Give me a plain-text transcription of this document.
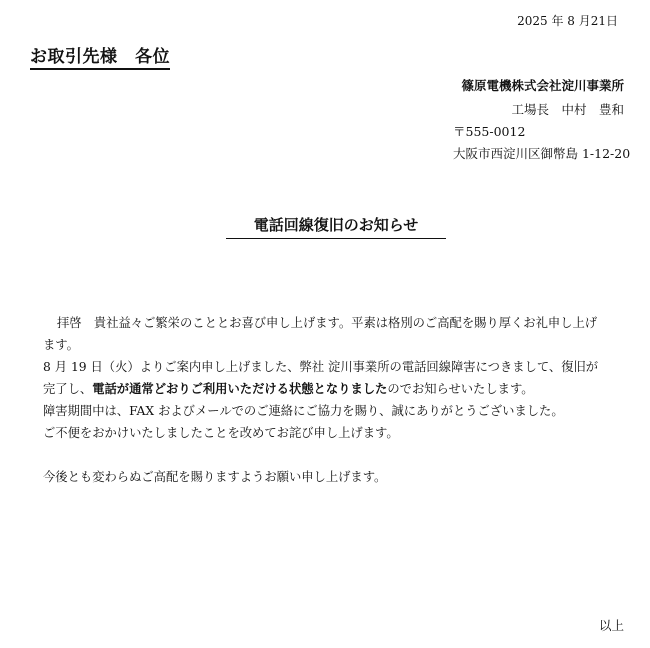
2025 年 8 月21日
お取引先様　各位
篠原電機株式会社淀川事業所
工場長　中村　豊和
〒555-0012
大阪市西淀川区御幣島 1-12-20
電話回線復旧のお知らせ

拝啓　貴社益々ご繁栄のこととお喜び申し上げます。平素は格別のご高配を賜り厚くお礼申し上げ

ます。

8 月 19 日（火）よりご案内申し上げました、弊社 淀川事業所の電話回線障害につきまして、復旧が

完了し、電話が通常どおりご利用いただける状態となりましたのでお知らせいたします。

障害期間中は、FAX およびメールでのご連絡にご協力を賜り、誠にありがとうございました。

ご不便をおかけいたしましたことを改めてお詫び申し上げます。

今後とも変わらぬご高配を賜りますようお願い申し上げます。

以上
